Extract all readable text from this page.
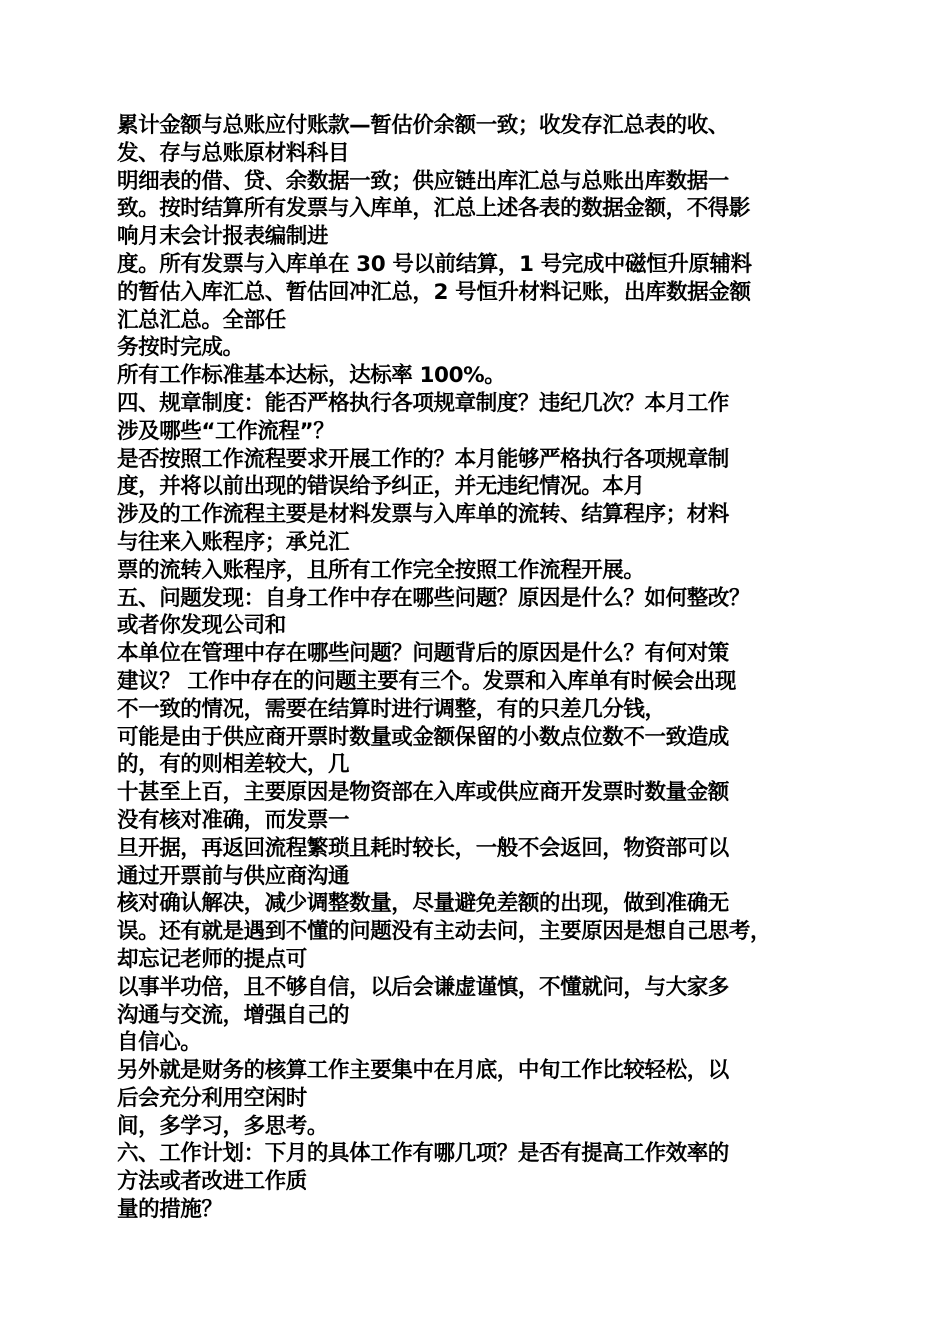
累计金额与总账应付账款—暂估价余额一致；收发存汇总表的收、
发、存与总账原材料科目
明细表的借、贷、余数据一致；供应链出库汇总与总账出库数据一
致。按时结算所有发票与入库单，汇总上述各表的数据金额，不得影
响月末会计报表编制进
度。所有发票与入库单在 30 号以前结算，1 号完成中磁恒升原辅料
的暂估入库汇总、暂估回冲汇总，2 号恒升材料记账，出库数据金额
汇总汇总。全部任
务按时完成。
所有工作标准基本达标，达标率 100%。
四、规章制度：能否严格执行各项规章制度？违纪几次？本月工作
涉及哪些“工作流程”？
是否按照工作流程要求开展工作的？本月能够严格执行各项规章制
度，并将以前出现的错误给予纠正，并无违纪情况。本月
涉及的工作流程主要是材料发票与入库单的流转、结算程序；材料
与往来入账程序；承兑汇
票的流转入账程序，且所有工作完全按照工作流程开展。
五、问题发现：自身工作中存在哪些问题？原因是什么？如何整改？
或者你发现公司和
本单位在管理中存在哪些问题？问题背后的原因是什么？有何对策
建议？ 工作中存在的问题主要有三个。发票和入库单有时候会出现
不一致的情况，需要在结算时进行调整，有的只差几分钱，
可能是由于供应商开票时数量或金额保留的小数点位数不一致造成
的，有的则相差较大，几
十甚至上百，主要原因是物资部在入库或供应商开发票时数量金额
没有核对准确，而发票一
旦开据，再返回流程繁琐且耗时较长，一般不会返回，物资部可以
通过开票前与供应商沟通
核对确认解决，减少调整数量，尽量避免差额的出现，做到准确无
误。还有就是遇到不懂的问题没有主动去问，主要原因是想自己思考，
却忘记老师的提点可
以事半功倍，且不够自信，以后会谦虚谨慎，不懂就问，与大家多
沟通与交流，增强自己的
自信心。
另外就是财务的核算工作主要集中在月底，中旬工作比较轻松，以
后会充分利用空闲时
间，多学习，多思考。
六、工作计划：下月的具体工作有哪几项？是否有提高工作效率的
方法或者改进工作质
量的措施？
